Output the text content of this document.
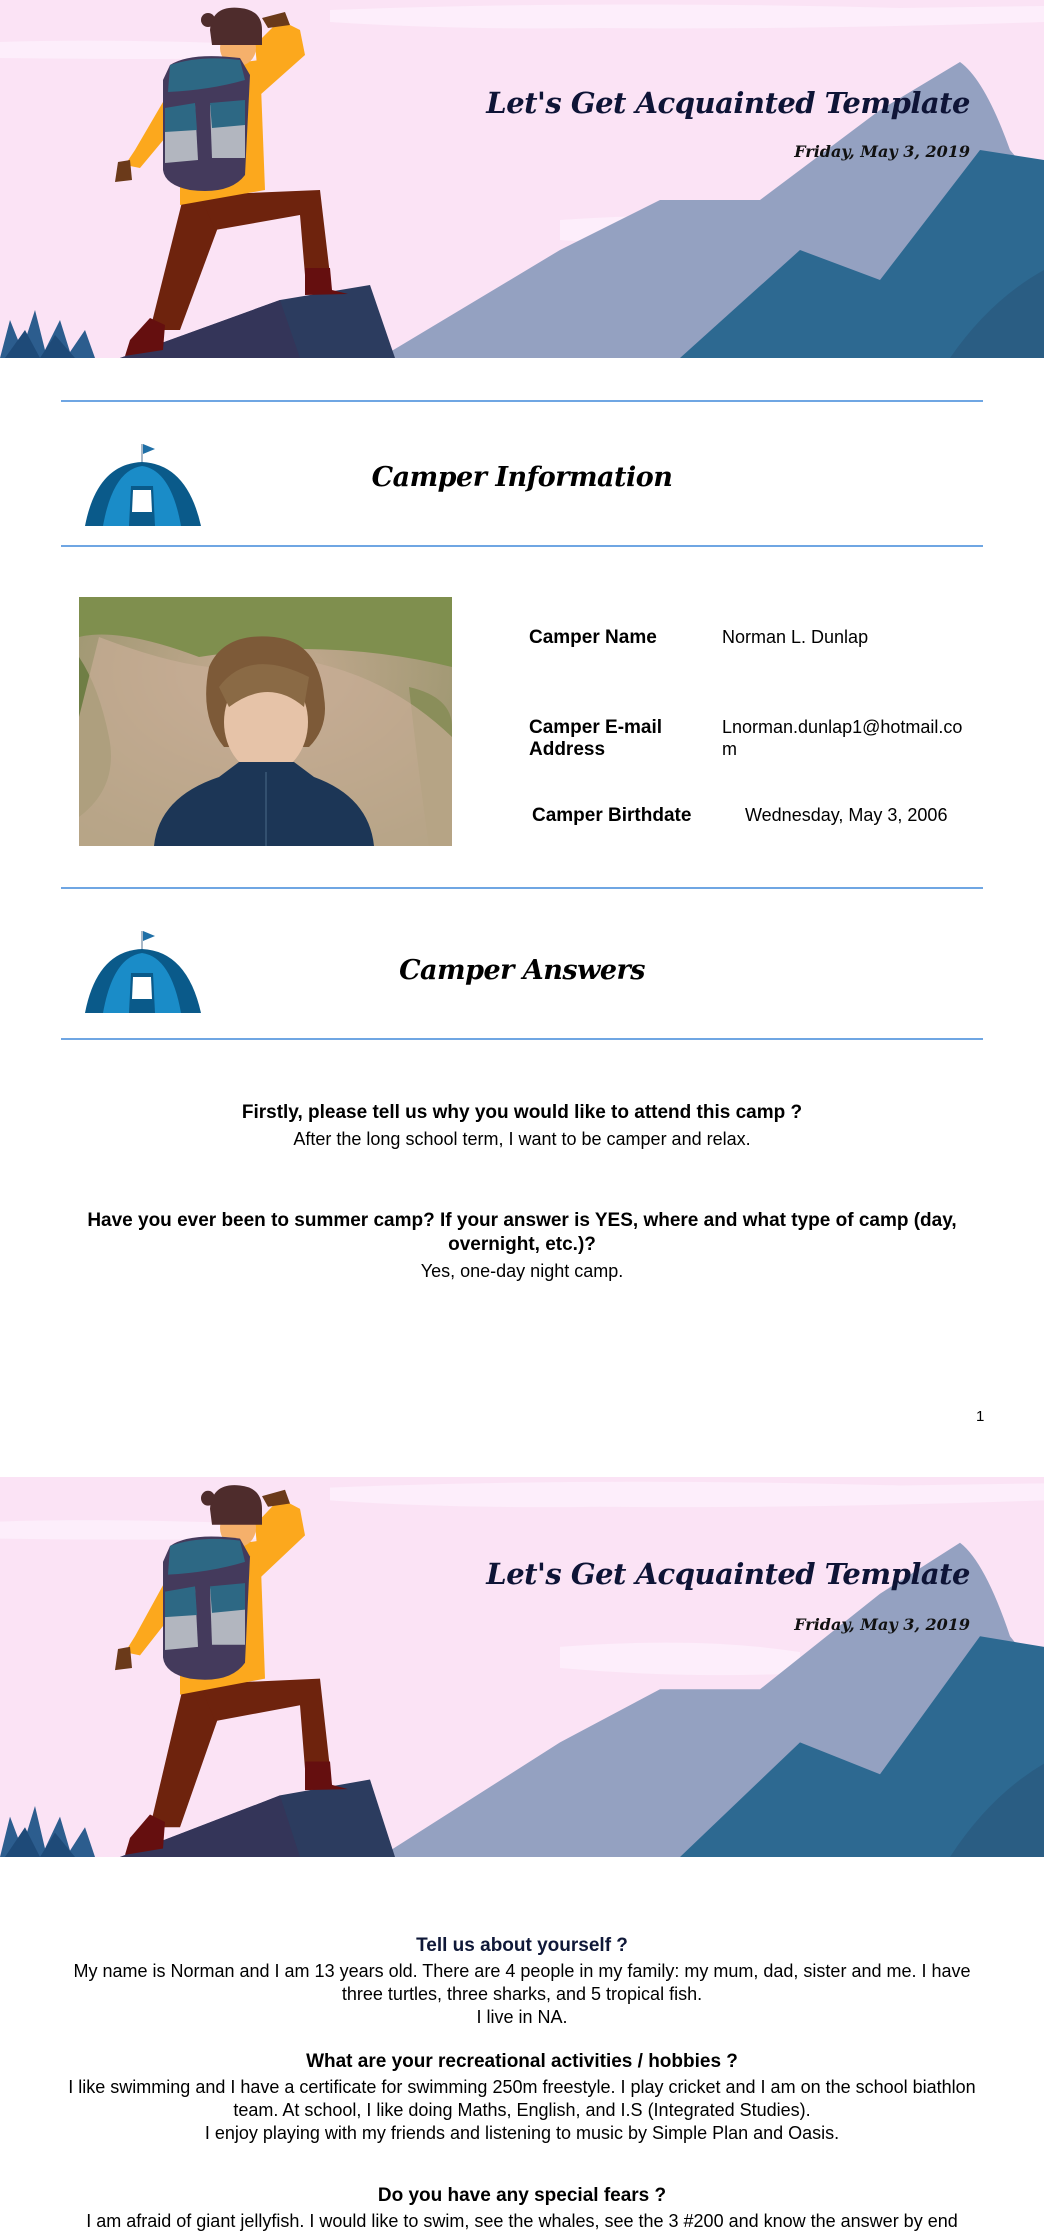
Let's Get Acquainted Template
Friday, May 3, 2019
Camper Information
Camper Name	Norman L. Dunlap
Camper E-mail Address
Lnorman.dunlap1@hotmail.com
Camper Birthdate	Wednesday, May 3, 2006
Camper Answers
Firstly, please tell us why you would like to attend this camp ?
After the long school term, I want to be camper and relax.
Have you ever been to summer camp? If your answer is YES, where and what type of camp (day, overnight, etc.)?
Yes, one-day night camp.
1
Let's Get Acquainted Template
Friday, May 3, 2019
Tell us about yourself ?
My name is Norman and I am 13 years old. There are 4 people in my family: my mum, dad, sister and me. I have three turtles, three sharks, and 5 tropical fish.
I live in NA.
What are your recreational activities / hobbies ?
I like swimming and I have a certificate for swimming 250m freestyle. I play cricket and I am on the school biathlon team. At school, I like doing Maths, English, and I.S (Integrated Studies).
I enjoy playing with my friends and listening to music by Simple Plan and Oasis.
Do you have any special fears ?
I am afraid of giant jellyfish. I would like to swim, see the whales, see the 3 #200 and know the answer by end
